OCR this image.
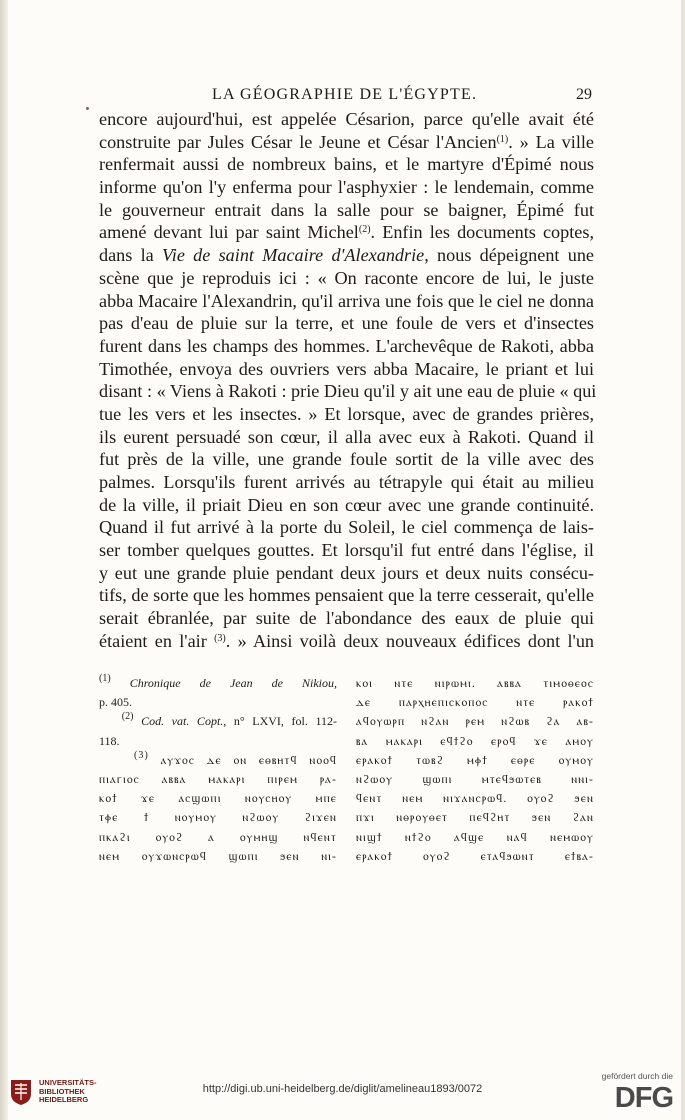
LA GÉOGRAPHIE DE L'ÉGYPTE.	29
encore aujourd'hui, est appelée Césarion, parce qu'elle avait été
construite par Jules César le Jeune et César l'Ancien$^{(1)}$. » La ville
renfermait aussi de nombreux bains, et le martyre d'Épimé nous
informe qu'on l'y enferma pour l'asphyxier : le lendemain, comme
le gouverneur entrait dans la salle pour se baigner, Épimé fut
amené devant lui par saint Michel$^{(2)}$. Enfin les documents coptes,
dans la Vie de saint Macaire d'Alexandrie, nous dépeignent une
scène que je reproduis ici : « On raconte encore de lui, le juste
abba Macaire l'Alexandrin, qu'il arriva une fois que le ciel ne donna
pas d'eau de pluie sur la terre, et une foule de vers et d'insectes
furent dans les champs des hommes. L'archevêque de Rakoti, abba
Timothée, envoya des ouvriers vers abba Macaire, le priant et lui
disant : « Viens à Rakoti : prie Dieu qu'il y ait une eau de pluie « qui
tue les vers et les insectes. » Et lorsque, avec de grandes prières,
ils eurent persuadé son cœur, il alla avec eux à Rakoti. Quand il
fut près de la ville, une grande foule sortit de la ville avec des
palmes. Lorsqu'ils furent arrivés au tétrapyle qui était au milieu
de la ville, il priait Dieu en son cœur avec une grande continuité.
Quand il fut arrivé à la porte du Soleil, le ciel commença de lais-
ser tomber quelques gouttes. Et lorsqu'il fut entré dans l'église, il
y eut une grande pluie pendant deux jours et deux nuits consécu-
tifs, de sorte que les hommes pensaient que la terre cesserait, qu'elle
serait ébranlée, par suite de l'abondance des eaux de pluie qui
étaient en l'air $^{(3)}$. » Ainsi voilà deux nouveaux édifices dont l'un
$^{(1)}$ Chronique de Jean de Nikiou,
p. 405.
$^{(2)}$ Cod. vat. Copt., n° LXVI, fol. 112-
118.
$^{(3)}$ ⲁⲩϫⲟⲥ ⲇⲉ ⲟⲛ ⲉⲑⲃⲏⲧϥ ⲛⲟⲟϥ
ⲡⲓⲁⲅⲓⲟⲥ ⲁⲃⲃⲁ ⲙⲁⲕⲁⲣⲓ ⲡⲓⲣⲉⲙ ⲣⲁ-
ⲕⲟϯ ϫⲉ ⲁⲥϣⲱⲡⲓ ⲛⲟⲩⲥⲏⲟⲩ ⲙⲡⲉ
ⲧⲫⲉ ϯ ⲛⲟⲩⲙⲟⲩ ⲛϩⲱⲟⲩ ϩⲓϫⲉⲛ
ⲡⲕⲁϩⲓ ⲟⲩⲟϩ ⲁ ⲟⲩⲙⲏϣ ⲛϥⲉⲛⲧ
ⲛⲉⲙ ⲟⲩϫⲱⲛⲥⲣⲱϥ ϣⲱⲡⲓ ϧⲉⲛ ⲛⲓ-
ⲕⲟⲓ ⲛⲧⲉ ⲛⲓⲣⲱⲙⲓ. ⲁⲃⲃⲁ ⲧⲓⲙⲟⲑⲉⲟⲥ
ⲇⲉ ⲡⲁⲣⲭⲏⲉⲡⲓⲥⲕⲟⲡⲟⲥ ⲛⲧⲉ ⲣⲁⲕⲟϯ
ⲁϥⲟⲩⲱⲣⲡ ⲛϩⲁⲛ ⲣⲉⲙ ⲛϩⲱⲃ ϩⲁ ⲁⲃ-
ⲃⲁ ⲙⲁⲕⲁⲣⲓ ⲉϥϯϩⲟ ⲉⲣⲟϥ ϫⲉ ⲁⲙⲟⲩ
ⲉⲣⲁⲕⲟϯ ⲧⲱⲃϩ ⲙⲫϯ ⲉⲑⲣⲉ ⲟⲩⲙⲟⲩ
ⲛϩⲱⲟⲩ ϣⲱⲡⲓ ⲙⲧⲉϥϧⲱⲧⲉⲃ ⲛⲛⲓ-
ϥⲉⲛⲧ ⲛⲉⲙ ⲛⲓϫⲁⲛⲥⲣⲱϥ. ⲟⲩⲟϩ ϧⲉⲛ
ⲡϫⲓ ⲛⲑⲣⲟⲩⲑⲉⲧ ⲡⲉϥϩⲏⲧ ϧⲉⲛ ϩⲁⲛ
ⲛⲓϣϯ ⲛϯϩⲟ ⲁϥϣⲉ ⲛⲁϥ ⲛⲉⲙⲱⲟⲩ
ⲉⲣⲁⲕⲟϯ ⲟⲩⲟϩ ⲉⲧⲁϥϧⲱⲛⲧ ⲉϯⲃⲁ-
UNIVERSITÄTS-
BIBLIOTHEK
HEIDELBERG
http://digi.ub.uni-heidelberg.de/diglit/amelineau1893/0072
gefördert durch die
DFG
